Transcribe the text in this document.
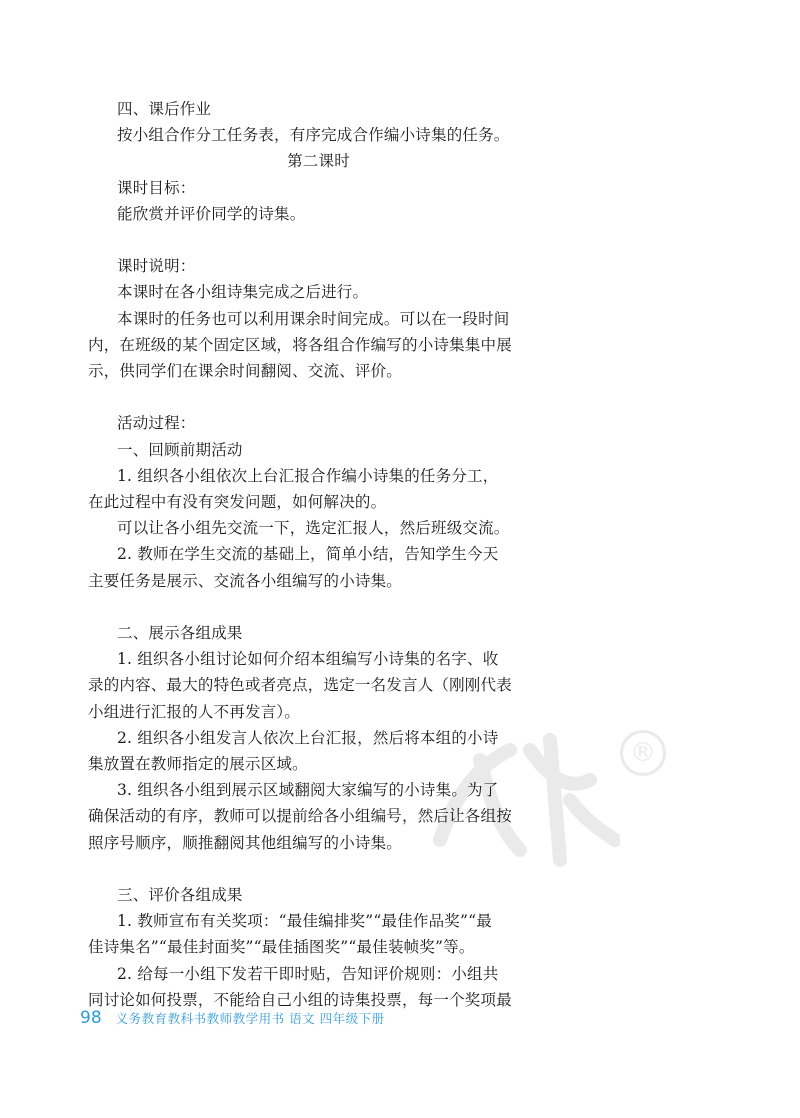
四、课后作业
按小组合作分工任务表，有序完成合作编小诗集的任务。
第二课时
课时目标：
能欣赏并评价同学的诗集。
课时说明：
本课时在各小组诗集完成之后进行。
本课时的任务也可以利用课余时间完成。可以在一段时间
内，在班级的某个固定区域，将各组合作编写的小诗集集中展
示，供同学们在课余时间翻阅、交流、评价。
活动过程：
一、回顾前期活动
1. 组织各小组依次上台汇报合作编小诗集的任务分工，
在此过程中有没有突发问题，如何解决的。
可以让各小组先交流一下，选定汇报人，然后班级交流。
2. 教师在学生交流的基础上，简单小结，告知学生今天
主要任务是展示、交流各小组编写的小诗集。
二、展示各组成果
1. 组织各小组讨论如何介绍本组编写小诗集的名字、收
录的内容、最大的特色或者亮点，选定一名发言人（刚刚代表
小组进行汇报的人不再发言）。
2. 组织各小组发言人依次上台汇报，然后将本组的小诗
集放置在教师指定的展示区域。
3. 组织各小组到展示区域翻阅大家编写的小诗集。为了
确保活动的有序，教师可以提前给各小组编号，然后让各组按
照序号顺序，顺推翻阅其他组编写的小诗集。
三、评价各组成果
1. 教师宣布有关奖项：“最佳编排奖”“最佳作品奖”“最
佳诗集名”“最佳封面奖”“最佳插图奖”“最佳装帧奖”等。
2. 给每一小组下发若干即时贴，告知评价规则：小组共
同讨论如何投票，不能给自己小组的诗集投票，每一个奖项最
®
98 义务教育教科书教师教学用书 语文 四年级下册
